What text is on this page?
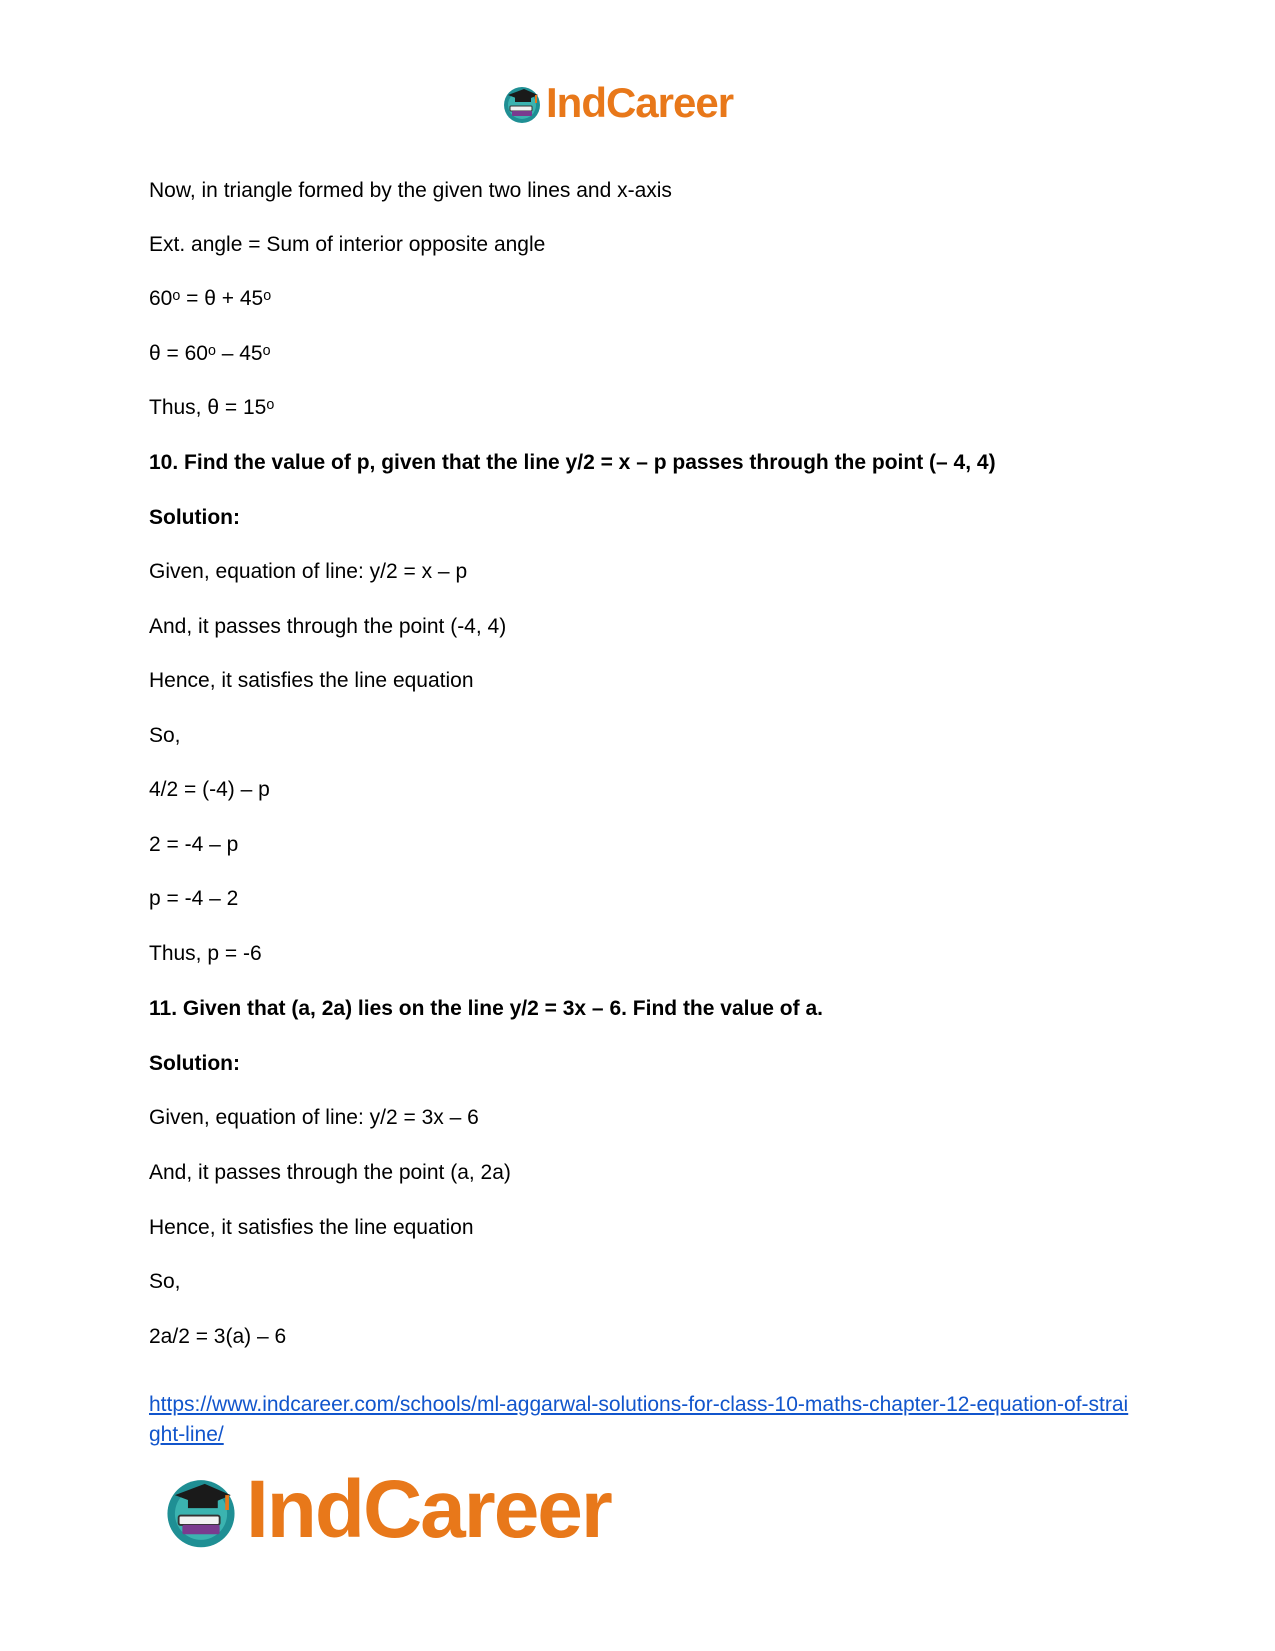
IndCareer
Now, in triangle formed by the given two lines and x-axis
Ext. angle = Sum of interior opposite angle
60ᵒ = θ + 45ᵒ
θ = 60ᵒ – 45ᵒ
Thus, θ = 15ᵒ
10. Find the value of p, given that the line y/2 = x – p passes through the point (– 4, 4)
Solution:
Given, equation of line: y/2 = x – p
And, it passes through the point (-4, 4)
Hence, it satisfies the line equation
So,
4/2 = (-4) – p
2 = -4 – p
p = -4 – 2
Thus, p = -6
11. Given that (a, 2a) lies on the line y/2 = 3x – 6. Find the value of a.
Solution:
Given, equation of line: y/2 = 3x – 6
And, it passes through the point (a, 2a)
Hence, it satisfies the line equation
So,
2a/2 = 3(a) – 6
https://www.indcareer.com/schools/ml-aggarwal-solutions-for-class-10-maths-chapter-12-equation-of-straight-line/
IndCareer
